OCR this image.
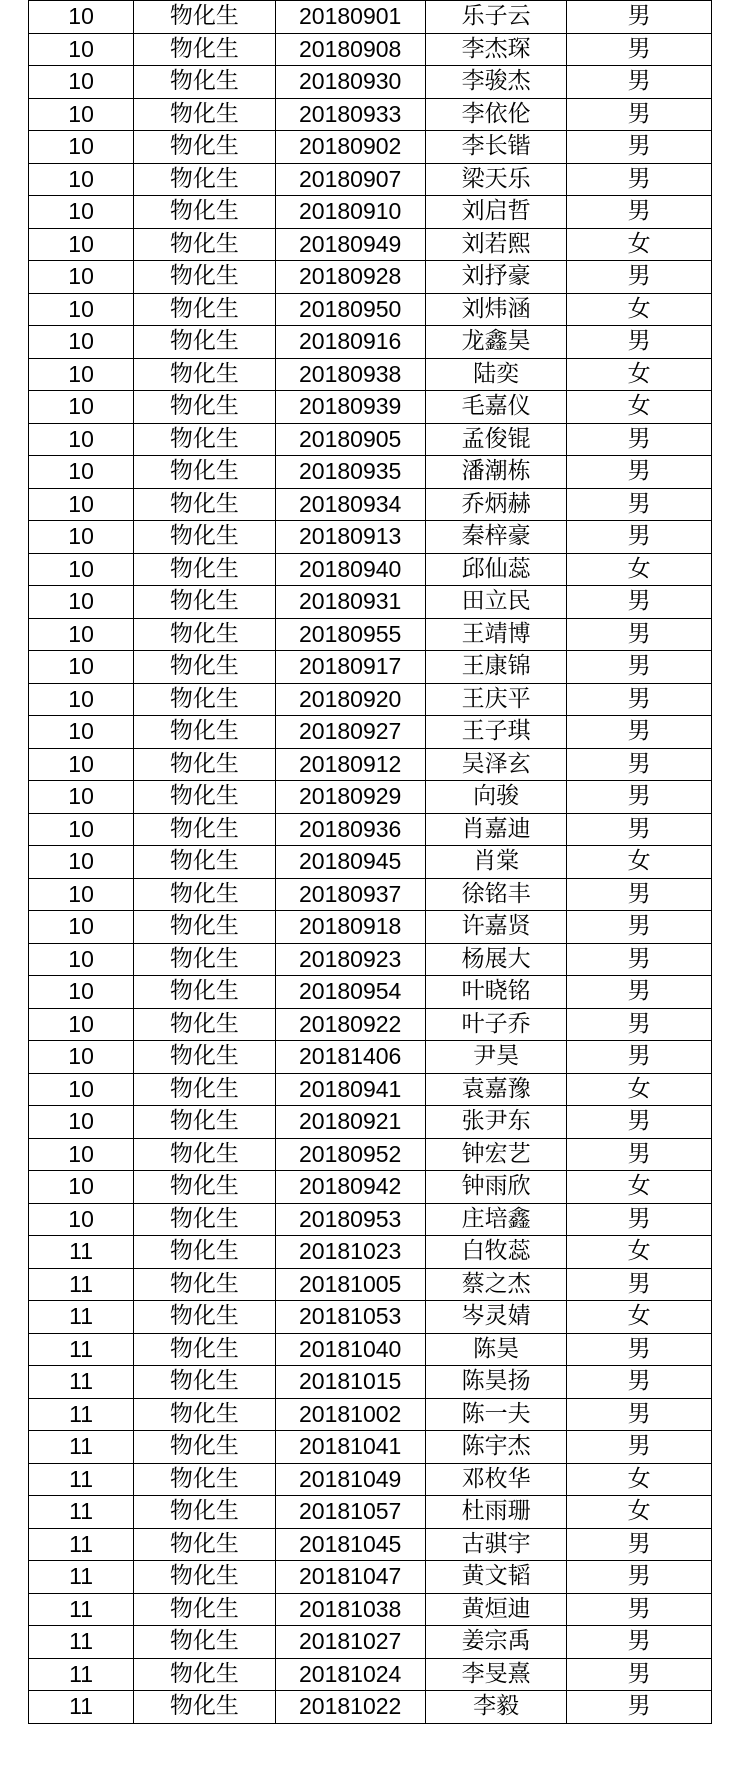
10	物化生	20180901	乐子云	男
10	物化生	20180908	李杰琛	男
10	物化生	20180930	李骏杰	男
10	物化生	20180933	李依伦	男
10	物化生	20180902	李长锴	男
10	物化生	20180907	梁天乐	男
10	物化生	20180910	刘启哲	男
10	物化生	20180949	刘若熙	女
10	物化生	20180928	刘抒豪	男
10	物化生	20180950	刘炜涵	女
10	物化生	20180916	龙鑫昊	男
10	物化生	20180938	陆奕	女
10	物化生	20180939	毛嘉仪	女
10	物化生	20180905	孟俊锟	男
10	物化生	20180935	潘潮栋	男
10	物化生	20180934	乔炳赫	男
10	物化生	20180913	秦梓豪	男
10	物化生	20180940	邱仙蕊	女
10	物化生	20180931	田立民	男
10	物化生	20180955	王靖博	男
10	物化生	20180917	王康锦	男
10	物化生	20180920	王庆平	男
10	物化生	20180927	王子琪	男
10	物化生	20180912	吴泽玄	男
10	物化生	20180929	向骏	男
10	物化生	20180936	肖嘉迪	男
10	物化生	20180945	肖棠	女
10	物化生	20180937	徐铭丰	男
10	物化生	20180918	许嘉贤	男
10	物化生	20180923	杨展大	男
10	物化生	20180954	叶晓铭	男
10	物化生	20180922	叶子乔	男
10	物化生	20181406	尹昊	男
10	物化生	20180941	袁嘉豫	女
10	物化生	20180921	张尹东	男
10	物化生	20180952	钟宏艺	男
10	物化生	20180942	钟雨欣	女
10	物化生	20180953	庄培鑫	男
11	物化生	20181023	白牧蕊	女
11	物化生	20181005	蔡之杰	男
11	物化生	20181053	岑灵婧	女
11	物化生	20181040	陈昊	男
11	物化生	20181015	陈昊扬	男
11	物化生	20181002	陈一夫	男
11	物化生	20181041	陈宇杰	男
11	物化生	20181049	邓枚华	女
11	物化生	20181057	杜雨珊	女
11	物化生	20181045	古骐宇	男
11	物化生	20181047	黄文韬	男
11	物化生	20181038	黄烜迪	男
11	物化生	20181027	姜宗禹	男
11	物化生	20181024	李旻熹	男
11	物化生	20181022	李毅	男
